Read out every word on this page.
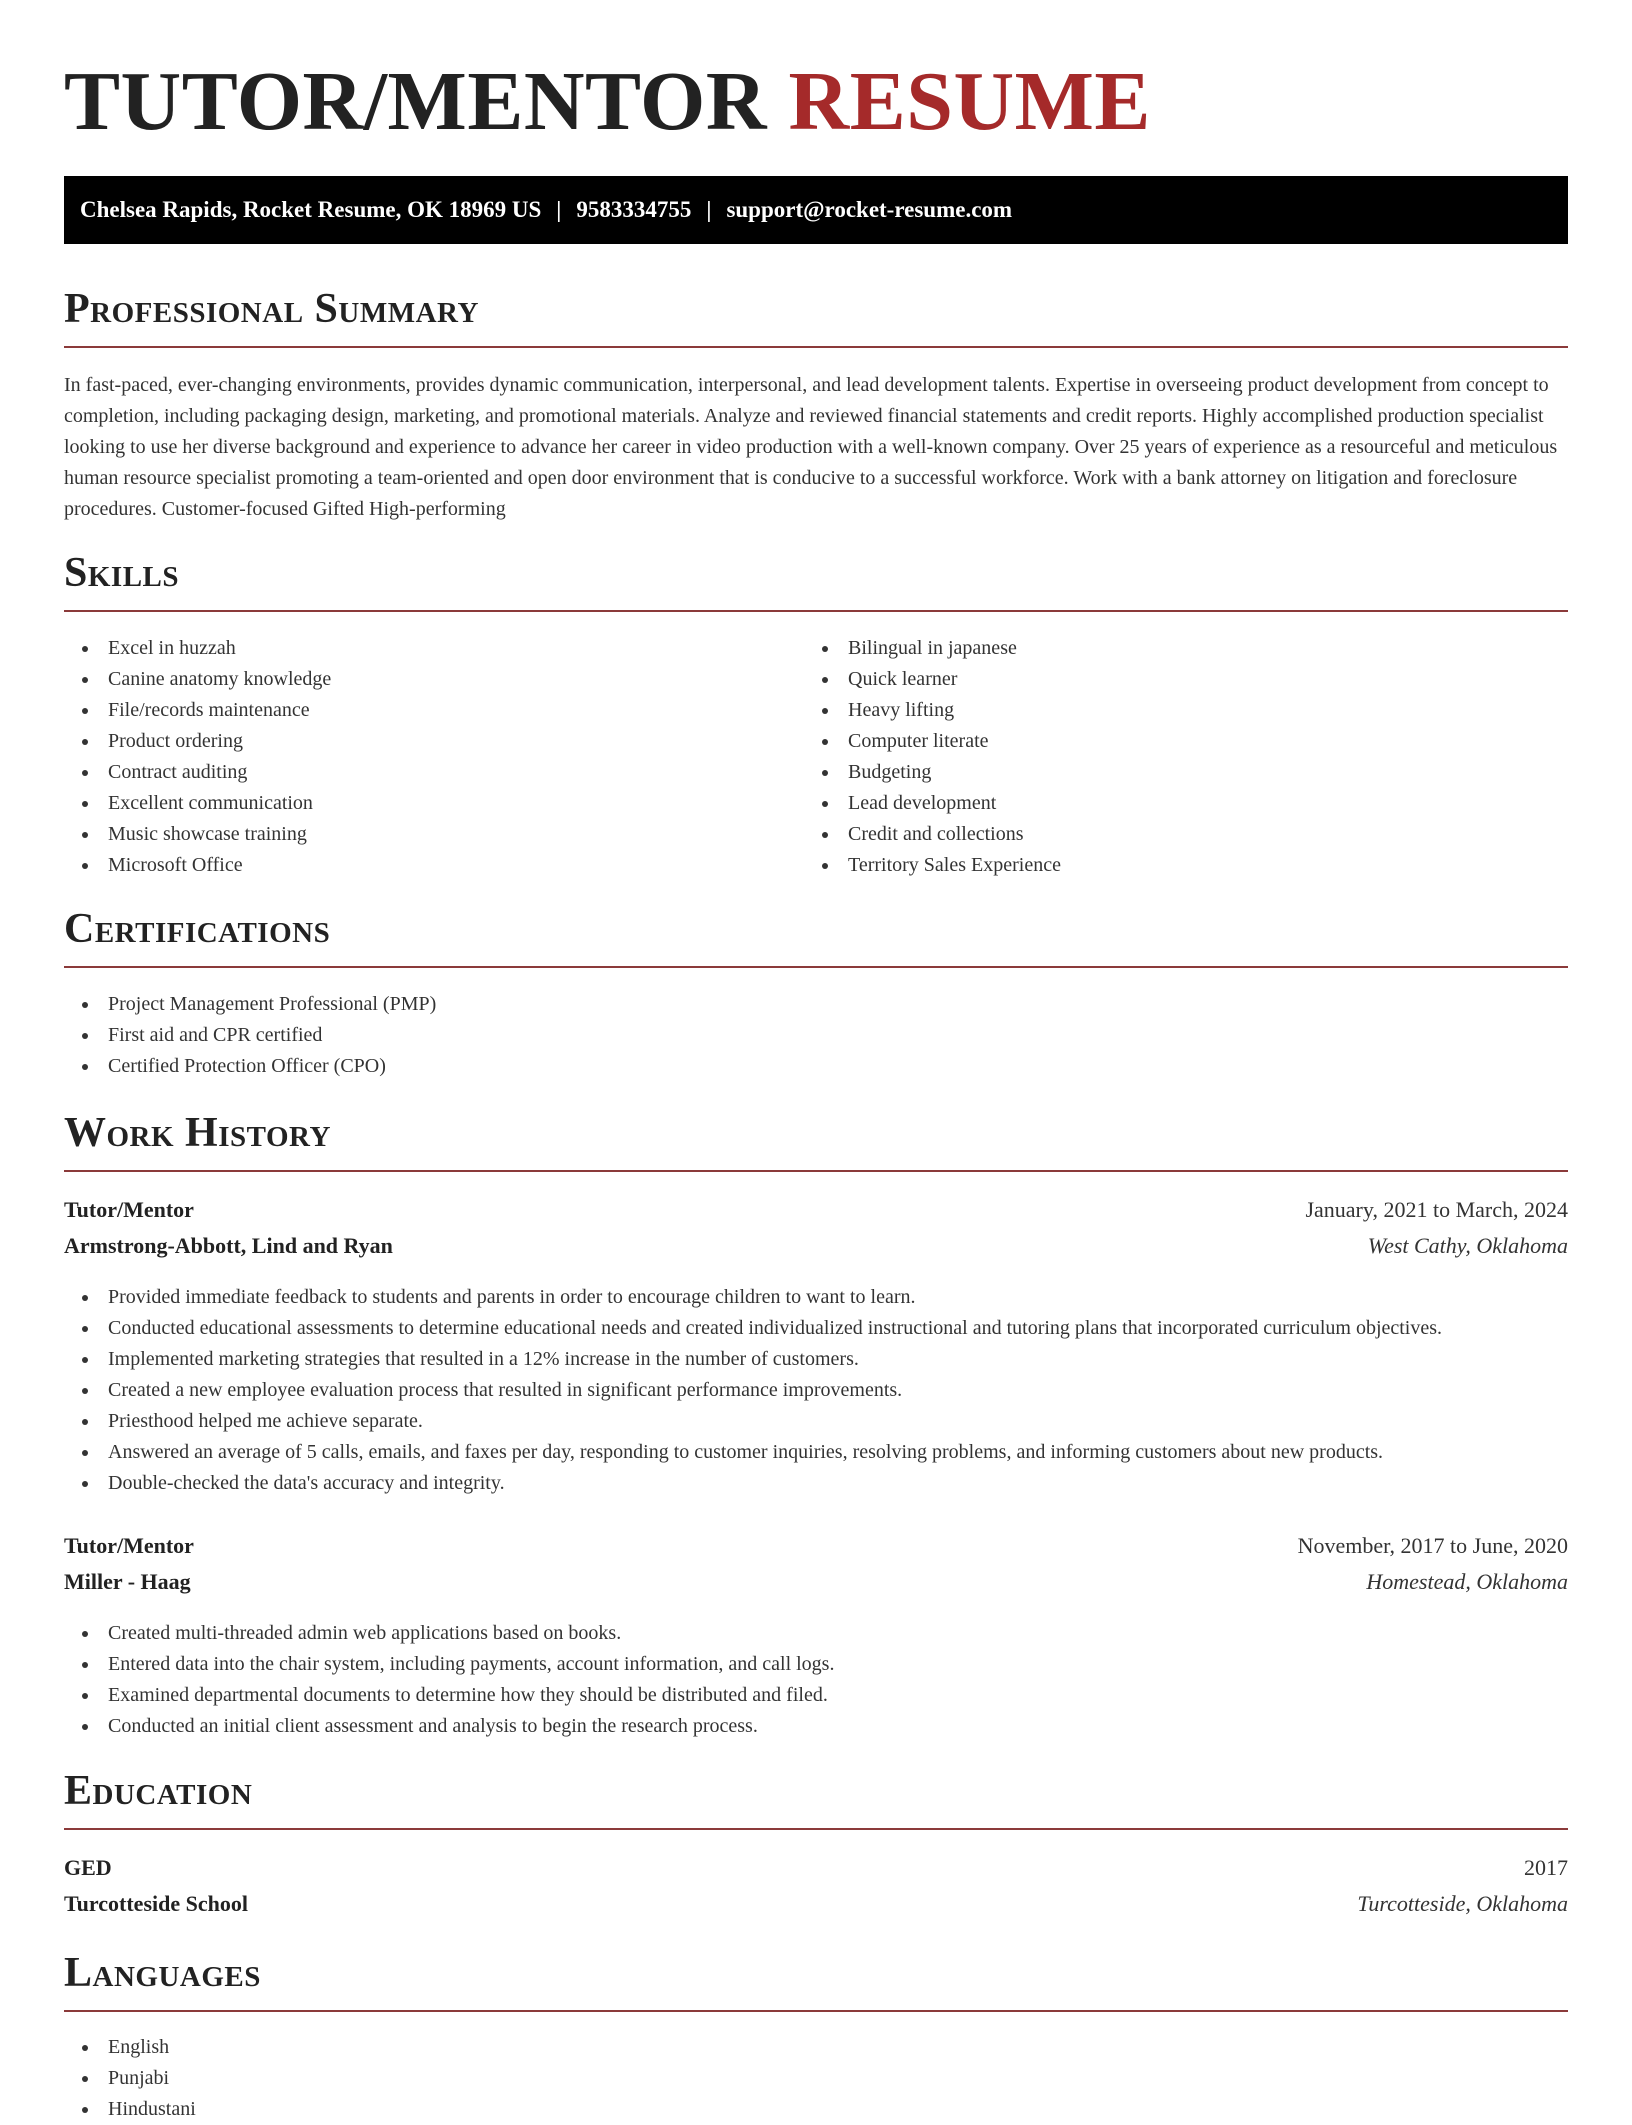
TUTOR/MENTOR RESUME
Chelsea Rapids, Rocket Resume, OK 18969 US | 9583334755 | support@rocket-resume.com
Professional Summary

In fast-paced, ever-changing environments, provides dynamic communication, interpersonal, and lead development talents. Expertise in overseeing product development from concept to completion, including packaging design, marketing, and promotional materials. Analyze and reviewed financial statements and credit reports. Highly accomplished production specialist looking to use her diverse background and experience to advance her career in video production with a well-known company. Over 25 years of experience as a resourceful and meticulous human resource specialist promoting a team-oriented and open door environment that is conducive to a successful workforce. Work with a bank attorney on litigation and foreclosure procedures. Customer-focused Gifted High-performing

Skills
Excel in huzzah
Canine anatomy knowledge
File/records maintenance
Product ordering
Contract auditing
Excellent communication
Music showcase training
Microsoft Office
Bilingual in japanese
Quick learner
Heavy lifting
Computer literate
Budgeting
Lead development
Credit and collections
Territory Sales Experience
Certifications
Project Management Professional (PMP)
First aid and CPR certified
Certified Protection Officer (CPO)
Work History
Tutor/Mentor	January, 2021 to March, 2024
Armstrong-Abbott, Lind and Ryan	West Cathy, Oklahoma
Provided immediate feedback to students and parents in order to encourage children to want to learn.
Conducted educational assessments to determine educational needs and created individualized instructional and tutoring plans that incorporated curriculum objectives.
Implemented marketing strategies that resulted in a 12% increase in the number of customers.
Created a new employee evaluation process that resulted in significant performance improvements.
Priesthood helped me achieve separate.
Answered an average of 5 calls, emails, and faxes per day, responding to customer inquiries, resolving problems, and informing customers about new products.
Double-checked the data's accuracy and integrity.
Tutor/Mentor	November, 2017 to June, 2020
Miller - Haag	Homestead, Oklahoma
Created multi-threaded admin web applications based on books.
Entered data into the chair system, including payments, account information, and call logs.
Examined departmental documents to determine how they should be distributed and filed.
Conducted an initial client assessment and analysis to begin the research process.
Education
GED	2017
Turcotteside School	Turcotteside, Oklahoma
Languages
English
Punjabi
Hindustani
